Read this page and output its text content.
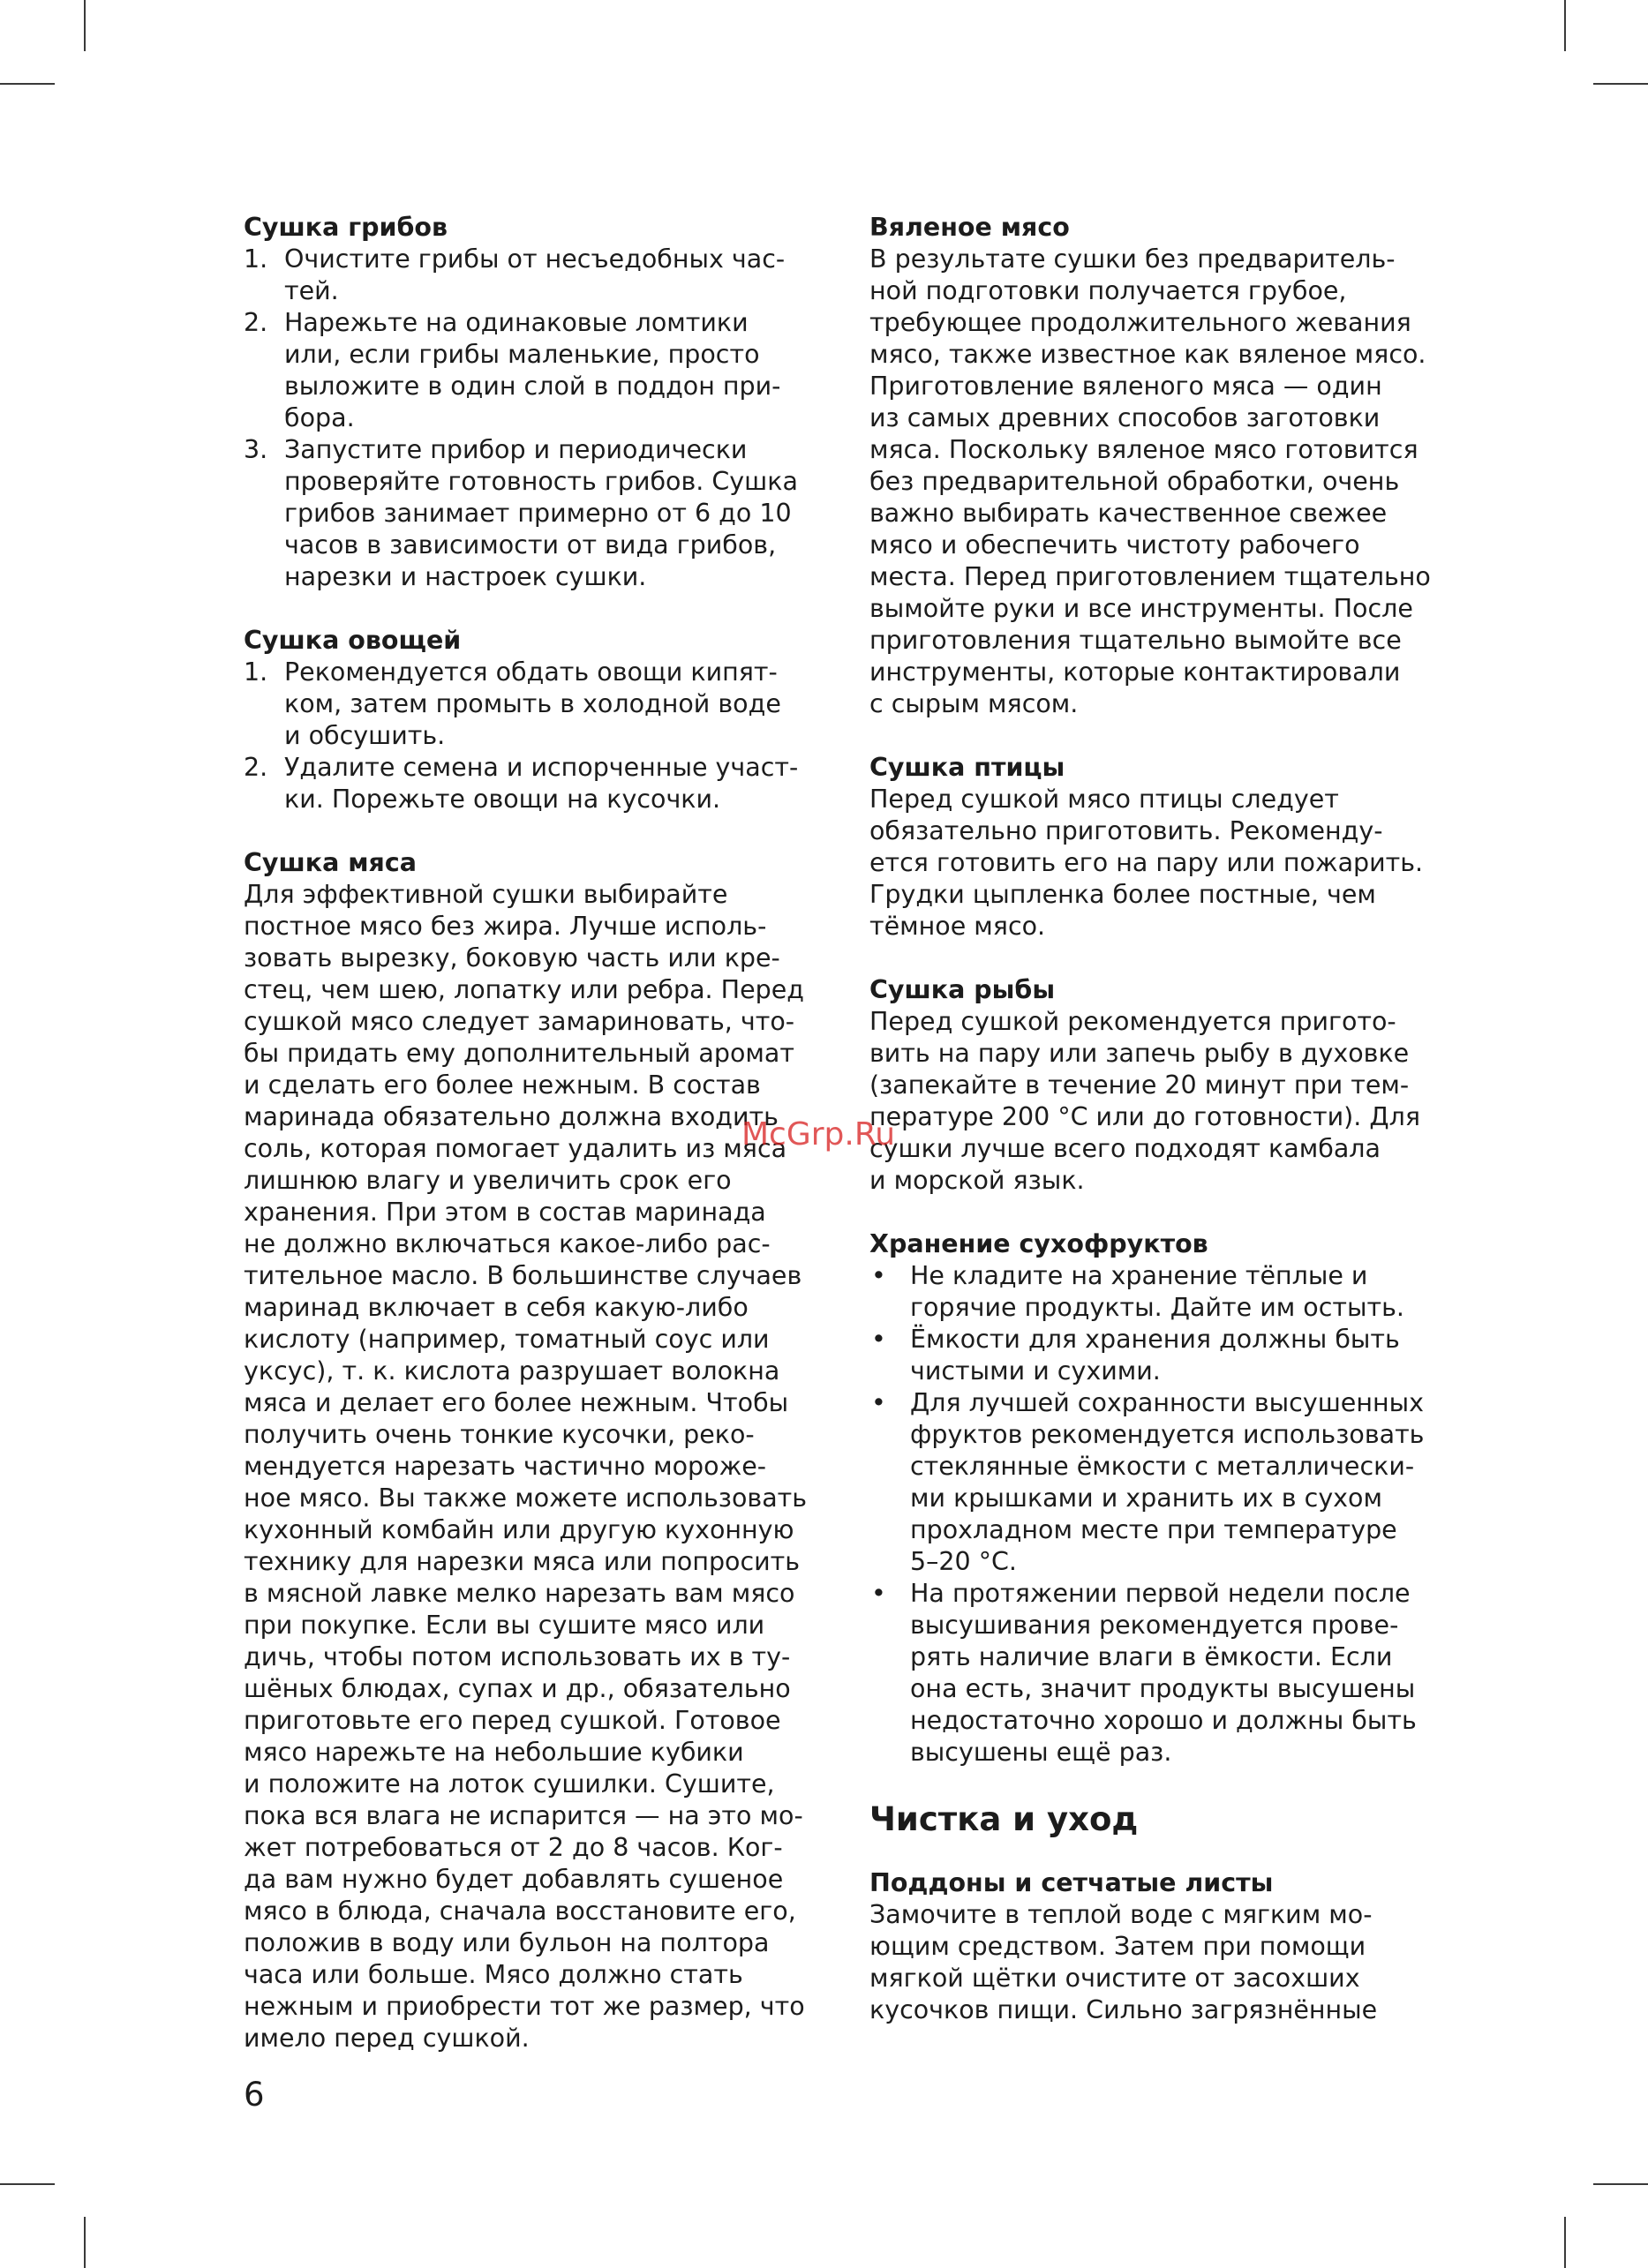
Сушка грибов
1. Очистите грибы от несъедобных час-
тей.
2. Нарежьте на одинаковые ломтики
или, если грибы маленькие, просто
выложите в один слой в поддон при-
бора.
3. Запустите прибор и периодически
проверяйте готовность грибов. Сушка
грибов занимает примерно от 6 до 10
часов в зависимости от вида грибов,
нарезки и настроек сушки.
Сушка овощей
1. Рекомендуется обдать овощи кипят-
ком, затем промыть в холодной воде
и обсушить.
2. Удалите семена и испорченные участ-
ки. Порежьте овощи на кусочки.
Сушка мяса

Для эффективной сушки выбирайте
постное мясо без жира. Лучше исполь-
зовать вырезку, боковую часть или кре-
стец, чем шею, лопатку или ребра. Перед
сушкой мясо следует замариновать, что-
бы придать ему дополнительный аромат
и сделать его более нежным. В состав
маринада обязательно должна входить
соль, которая помогает удалить из мяса
лишнюю влагу и увеличить срок его
хранения. При этом в состав маринада
не должно включаться какое-либо рас-
тительное масло. В большинстве случаев
маринад включает в себя какую-либо
кислоту (например, томатный соус или
уксус), т. к. кислота разрушает волокна
мяса и делает его более нежным. Чтобы
получить очень тонкие кусочки, реко-
мендуется нарезать частично мороже-
ное мясо. Вы также можете использовать
кухонный комбайн или другую кухонную
технику для нарезки мяса или попросить
в мясной лавке мелко нарезать вам мясо
при покупке. Если вы сушите мясо или
дичь, чтобы потом использовать их в ту-
шёных блюдах, супах и др., обязательно
приготовьте его перед сушкой. Готовое
мясо нарежьте на небольшие кубики
и положите на лоток сушилки. Сушите,
пока вся влага не испарится — на это мо-
жет потребоваться от 2 до 8 часов. Ког-
да вам нужно будет добавлять сушеное
мясо в блюда, сначала восстановите его,
положив в воду или бульон на полтора
часа или больше. Мясо должно стать
нежным и приобрести тот же размер, что
имело перед сушкой.

Вяленое мясо

В результате сушки без предваритель-
ной подготовки получается грубое,
требующее продолжительного жевания
мясо, также известное как вяленое мясо.
Приготовление вяленого мяса — один
из самых древних способов заготовки
мяса. Поскольку вяленое мясо готовится
без предварительной обработки, очень
важно выбирать качественное свежее
мясо и обеспечить чистоту рабочего
места. Перед приготовлением тщательно
вымойте руки и все инструменты. После
приготовления тщательно вымойте все
инструменты, которые контактировали
с сырым мясом.

Сушка птицы

Перед сушкой мясо птицы следует
обязательно приготовить. Рекоменду-
ется готовить его на пару или пожарить.
Грудки цыпленка более постные, чем
тёмное мясо.

Сушка рыбы

Перед сушкой рекомендуется пригото-
вить на пару или запечь рыбу в духовке
(запекайте в течение 20 минут при тем-
пературе 200 °С или до готовности). Для
сушки лучше всего подходят камбала
и морской язык.

Хранение сухофруктов
• Не кладите на хранение тёплые и
горячие продукты. Дайте им остыть.
• Ёмкости для хранения должны быть
чистыми и сухими.
• Для лучшей сохранности высушенных
фруктов рекомендуется использовать
стеклянные ёмкости с металлически-
ми крышками и хранить их в сухом
прохладном месте при температуре
5–20 °С.
• На протяжении первой недели после
высушивания рекомендуется прове-
рять наличие влаги в ёмкости. Если
она есть, значит продукты высушены
недостаточно хорошо и должны быть
высушены ещё раз.
Чистка и уход
Поддоны и сетчатые листы

Замочите в теплой воде с мягким мо-
ющим средством. Затем при помощи
мягкой щётки очистите от засохших
кусочков пищи. Сильно загрязнённые

6
McGrp.Ru
